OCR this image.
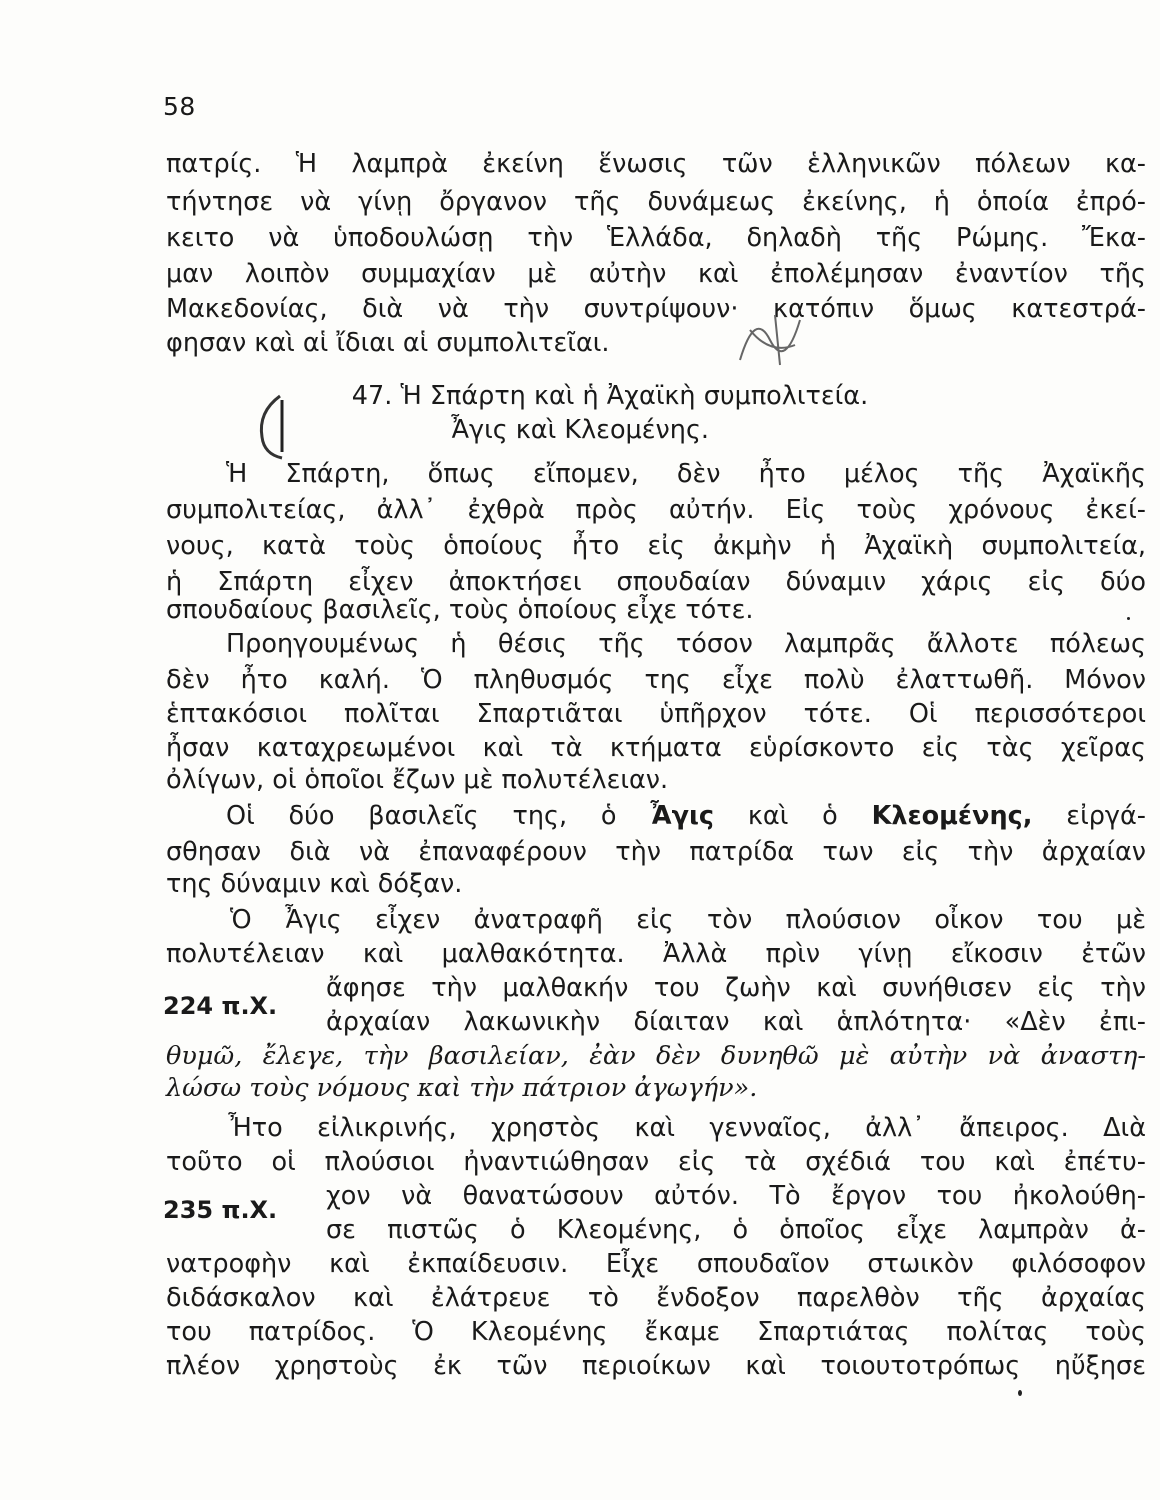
58
πατρίς. Ἡ λαμπρὰ ἐκείνη ἕνωσις τῶν ἑλληνικῶν πόλεων κα-
τήντησε νὰ γίνῃ ὄργανον τῆς δυνάμεως ἐκείνης, ἡ ὁποία ἐπρό-
κειτο νὰ ὑποδουλώσῃ τὴν Ἑλλάδα, δηλαδὴ τῆς Ρώμης. Ἔκα-
μαν λοιπὸν συμμαχίαν μὲ αὐτὴν καὶ ἐπολέμησαν ἐναντίον τῆς
Μακεδονίας, διὰ νὰ τὴν συντρίψουν· κατόπιν ὅμως κατεστρά-
φησαν καὶ αἱ ἴδιαι αἱ συμπολιτεῖαι.
47. Ἡ Σπάρτη καὶ ἡ Ἀχαϊκὴ συμπολιτεία.
Ἆγις καὶ Κλεομένης.
Ἡ Σπάρτη, ὅπως εἴπομεν, δὲν ἦτο μέλος τῆς Ἀχαϊκῆς
συμπολιτείας, ἀλλ᾿ ἐχθρὰ πρὸς αὐτήν. Εἰς τοὺς χρόνους ἐκεί-
νους, κατὰ τοὺς ὁποίους ἦτο εἰς ἀκμὴν ἡ Ἀχαϊκὴ συμπολιτεία,
ἡ Σπάρτη εἶχεν ἀποκτήσει σπουδαίαν δύναμιν χάρις εἰς δύο
σπουδαίους βασιλεῖς, τοὺς ὁποίους εἶχε τότε.
Προηγουμένως ἡ θέσις τῆς τόσον λαμπρᾶς ἄλλοτε πόλεως
δὲν ἦτο καλή. Ὁ πληθυσμός της εἶχε πολὺ ἐλαττωθῆ. Μόνον
ἑπτακόσιοι πολῖται Σπαρτιᾶται ὑπῆρχον τότε. Οἱ περισσότεροι
ἦσαν καταχρεωμένοι καὶ τὰ κτήματα εὑρίσκοντο εἰς τὰς χεῖρας
ὀλίγων, οἱ ὁποῖοι ἔζων μὲ πολυτέλειαν.
Οἱ δύο βασιλεῖς της, ὁ Ἆγις καὶ ὁ Κλεομένης, εἰργά-
σθησαν διὰ νὰ ἐπαναφέρουν τὴν πατρίδα των εἰς τὴν ἀρχαίαν
της δύναμιν καὶ δόξαν.
Ὁ Ἆγις εἶχεν ἀνατραφῆ εἰς τὸν πλούσιον οἶκον του μὲ
πολυτέλειαν καὶ μαλθακότητα. Ἀλλὰ πρὶν γίνῃ εἴκοσιν ἐτῶν
224 π.Χ.
ἄφησε τὴν μαλθακήν του ζωὴν καὶ συνήθισεν εἰς τὴν
ἀρχαίαν λακωνικὴν δίαιταν καὶ ἁπλότητα· «Δὲν ἐπι-
θυμῶ, ἔλεγε, τὴν βασιλείαν, ἐὰν δὲν δυνηθῶ μὲ αὐτὴν νὰ ἀναστη-
λώσω τοὺς νόμους καὶ τὴν πάτριον ἀγωγήν».
Ἦτο εἰλικρινής, χρηστὸς καὶ γενναῖος, ἀλλ᾿ ἄπειρος. Διὰ
τοῦτο οἱ πλούσιοι ἠναντιώθησαν εἰς τὰ σχέδιά του καὶ ἐπέτυ-
235 π.Χ. χον νὰ θανατώσουν αὐτόν. Τὸ ἔργον του ἠκολούθη-
σε πιστῶς ὁ Κλεομένης, ὁ ὁποῖος εἶχε λαμπρὰν ἀ-
νατροφὴν καὶ ἐκπαίδευσιν. Εἶχε σπουδαῖον στωικὸν φιλόσοφον
διδάσκαλον καὶ ἐλάτρευε τὸ ἔνδοξον παρελθὸν τῆς ἀρχαίας
του πατρίδος. Ὁ Κλεομένης ἔκαμε Σπαρτιάτας πολίτας τοὺς
πλέον χρηστοὺς ἐκ τῶν περιοίκων καὶ τοιουτοτρόπως ηὔξησε
